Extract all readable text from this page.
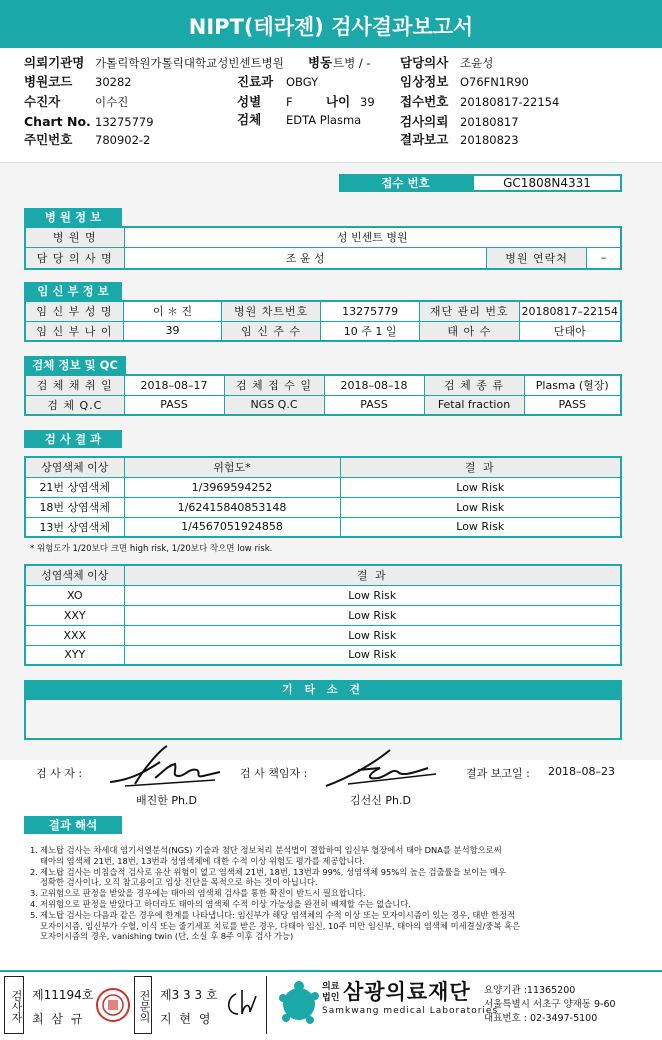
NIPT(테라젠) 검사결과보고서
의뢰기관명 가톨릭학원가톨릭대학교성빈센트병원 병동 트병 / -
병원코드 30282	진료과 OBGY
수진자	이수진	성별 F	나이 39
Chart No. 13275779	검체 EDTA Plasma
주민번호 780902-2
담당의사 조윤성
임상정보 O76FN1R90
접수번호 20180817-22154
검사의뢰 20180817
결과보고 20180823
접수 번호	GC1808N4331
병 원 정 보
병 원 명	성 빈센트 병원
담 당 의 사 명	조 윤 성		병원 연락처	–
임 신 부 정 보
임 신 부 성 명	이 ＊ 진	병원 차트번호	13275779	재단 관리 번호	20180817–22154
임 신 부 나 이	39	임 신 주 수	10 주 1 일	태 아 수	단태아
검체 정보 및 QC
검 체 채 취 일	2018–08–17	검 체 접 수 일	2018–08–18	검 체 종 류	Plasma (혈장)
검 체 Q.C	PASS	NGS Q.C	PASS	Fetal fraction	PASS
검 사 결 과
상염색체 이상	위험도*	결 과
21번 상염색체	1/3969594252	Low Risk
18번 상염색체	1/62415840853148	Low Risk
13번 상염색체	1/4567051924858	Low Risk
* 위험도가 1/20보다 크면 high risk, 1/20보다 작으면 low risk.
성염색체 이상	결 과
XO	Low Risk
XXY	Low Risk
XXX	Low Risk
XYY	Low Risk
기 타 소 견
검 사 자 :
배진한 Ph.D
검 사 책임자 :
김선신 Ph.D
결과 보고일 : 2018–08–23
결과 해석
1. 제노탑 검사는 차세대 염기서열분석(NGS) 기술과 첨단 정보처리 분석법이 결합하여 임신부 혈장에서 태아 DNA를 분석함으로써
태아의 염색체 21번, 18번, 13번과 성염색체에 대한 수적 이상 위험도 평가를 제공합니다.
2. 제노탑 검사는 비침습적 검사로 유산 위험이 없고 염색체 21번, 18번, 13번과 99%, 성염색체 95%의 높은 검출률을 보이는 매우
정확한 검사이나, 오직 참고용이고 임상 진단을 목적으로 하는 것이 아닙니다.
3. 고위험으로 판정을 받았을 경우에는 태아의 염색체 검사를 통한 확진이 반드시 필요합니다.
4. 저위험으로 판정을 받았다고 하더라도 태아의 염색체 수적 이상 가능성을 완전히 배제할 수는 없습니다.
5. 제노탑 검사는 다음과 같은 경우에 한계를 나타냅니다: 임신부가 해당 염색체의 수적 이상 또는 모자이시즘이 있는 경우, 태반 한정적
모자이시즘, 임신부가 수혈, 이식 또는 줄기세포 치료를 받은 경우, 다태아 임신, 10주 미만 임신부, 태아의 염색체 미세결실/중복 혹은
모자이시즘의 경우, vanishing twin (단, 소실 후 8주 이후 검사 가능)
검사자 제11194호
최 삼 규	전문의 제3 3 3 호
지 현 영	SML
의료
법인 삼광의료재단
Samkwang medical Laboratories
요양기관 :11365200
서울특별시 서초구 양재동 9-60
대표번호 : 02-3497-5100
